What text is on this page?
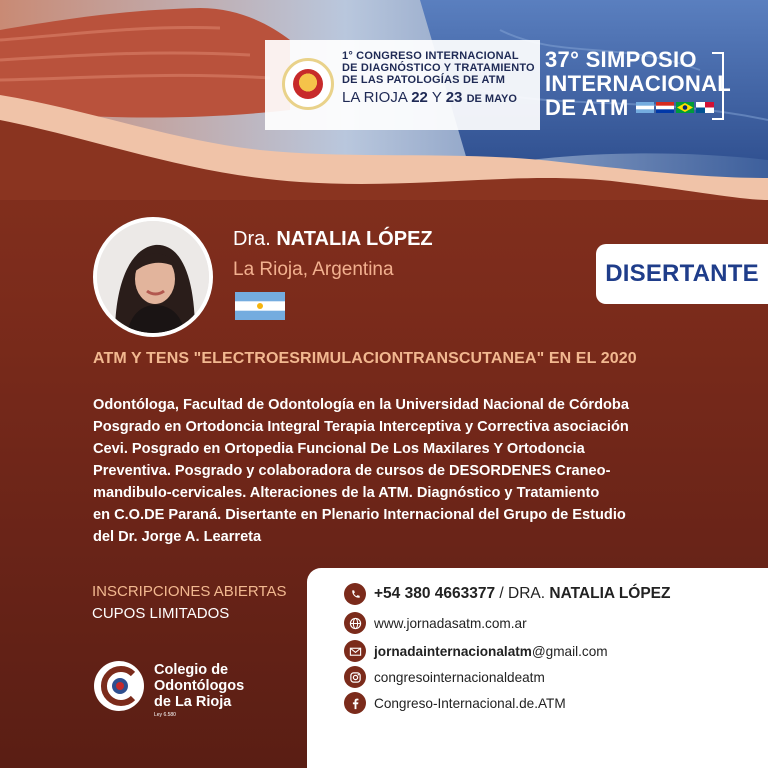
1° CONGRESO INTERNACIONAL
DE DIAGNÓSTICO Y TRATAMIENTO
DE LAS PATOLOGÍAS DE ATM
LA RIOJA 22 Y 23 DE MAYO
37° SIMPOSIO
INTERNACIONAL
DE ATM
Dra. NATALIA LÓPEZ
La Rioja, Argentina	DISERTANTE
ATM Y TENS "ELECTROESRIMULACIONTRANSCUTANEA" EN EL 2020
Odontóloga, Facultad de Odontología en la Universidad Nacional de Córdoba
Posgrado en Ortodoncia Integral Terapia Interceptiva y Correctiva asociación
Cevi. Posgrado en Ortopedia Funcional De Los Maxilares Y Ortodoncia
Preventiva. Posgrado y colaboradora de cursos de DESORDENES Craneo-
mandibulo-cervicales. Alteraciones de la ATM. Diagnóstico y Tratamiento
en C.O.DE Paraná. Disertante en Plenario Internacional del Grupo de Estudio
del Dr. Jorge A. Learreta
INSCRIPCIONES ABIERTAS
CUPOS LIMITADOS
Colegio de
Odontólogos
de La Rioja
Ley 6.580
+54 380 4663377 / DRA. NATALIA LÓPEZ
www.jornadasatm.com.ar
jornadainternacionalatm@gmail.com
congresointernacionaldeatm
Congreso-Internacional.de.ATM
